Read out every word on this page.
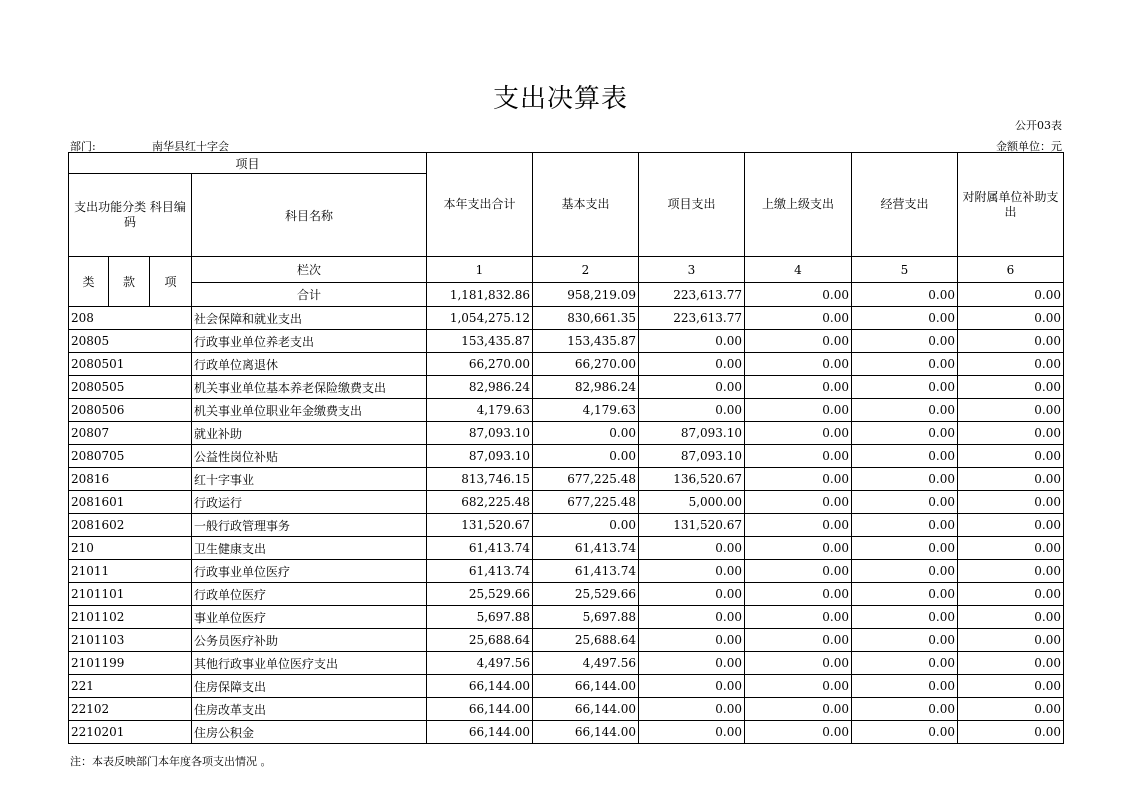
支出决算表
公开03表
部门:	南华县红十字会	金额单位：元
项目				本年支出合计	基本支出	项目支出	上缴上级支出	经营支出	对附属单位补助支出
支出功能分类 科目编码			科目名称						
类	款	项	栏次	1	2	3	4	5	6
			合计	1,181,832.86	958,219.09	223,613.77	0.00	0.00	0.00
208			社会保障和就业支出	1,054,275.12	830,661.35	223,613.77	0.00	0.00	0.00
20805			行政事业单位养老支出	153,435.87	153,435.87	0.00	0.00	0.00	0.00
2080501			行政单位离退休	66,270.00	66,270.00	0.00	0.00	0.00	0.00
2080505			机关事业单位基本养老保险缴费支出	82,986.24	82,986.24	0.00	0.00	0.00	0.00
2080506			机关事业单位职业年金缴费支出	4,179.63	4,179.63	0.00	0.00	0.00	0.00
20807			就业补助	87,093.10	0.00	87,093.10	0.00	0.00	0.00
2080705			公益性岗位补贴	87,093.10	0.00	87,093.10	0.00	0.00	0.00
20816			红十字事业	813,746.15	677,225.48	136,520.67	0.00	0.00	0.00
2081601			行政运行	682,225.48	677,225.48	5,000.00	0.00	0.00	0.00
2081602			一般行政管理事务	131,520.67	0.00	131,520.67	0.00	0.00	0.00
210			卫生健康支出	61,413.74	61,413.74	0.00	0.00	0.00	0.00
21011			行政事业单位医疗	61,413.74	61,413.74	0.00	0.00	0.00	0.00
2101101			行政单位医疗	25,529.66	25,529.66	0.00	0.00	0.00	0.00
2101102			事业单位医疗	5,697.88	5,697.88	0.00	0.00	0.00	0.00
2101103			公务员医疗补助	25,688.64	25,688.64	0.00	0.00	0.00	0.00
2101199			其他行政事业单位医疗支出	4,497.56	4,497.56	0.00	0.00	0.00	0.00
221			住房保障支出	66,144.00	66,144.00	0.00	0.00	0.00	0.00
22102			住房改革支出	66,144.00	66,144.00	0.00	0.00	0.00	0.00
2210201			住房公积金	66,144.00	66,144.00	0.00	0.00	0.00	0.00
注：本表反映部门本年度各项支出情况 。
